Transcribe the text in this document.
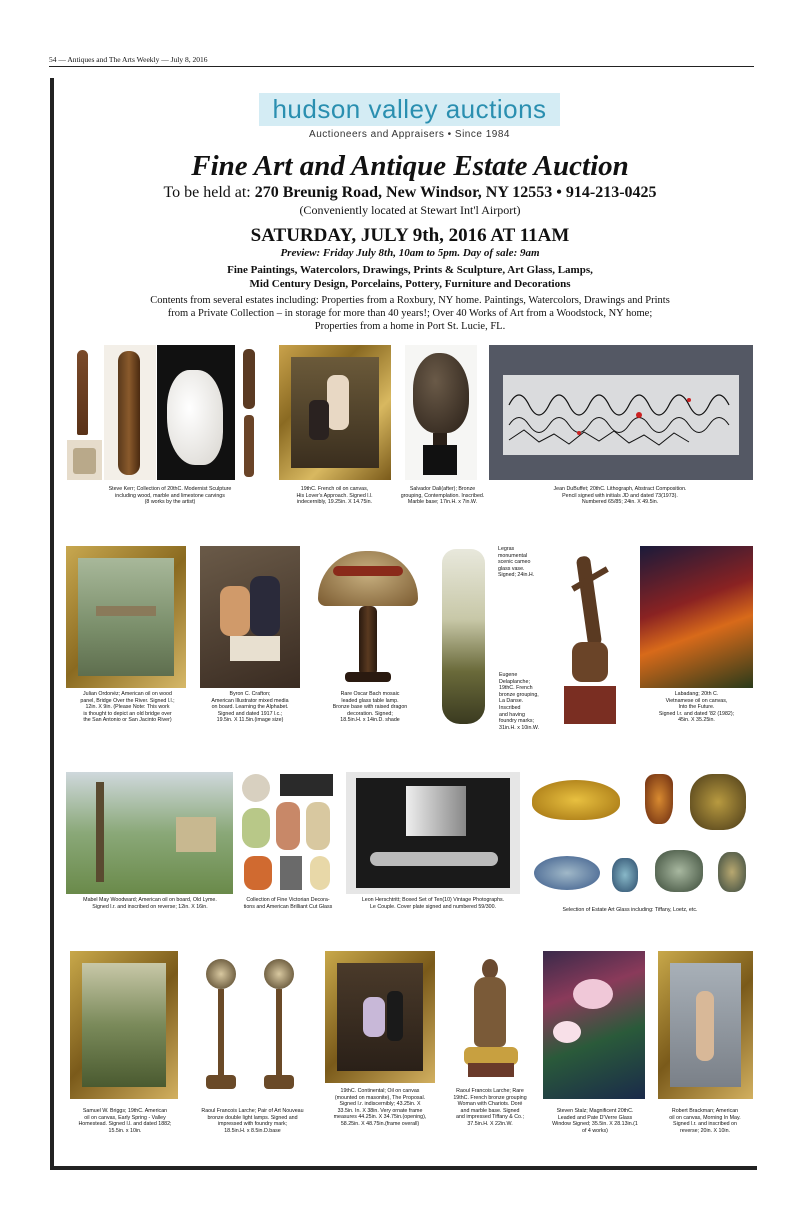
54 — Antiques and The Arts Weekly — July 8, 2016
hudson valley auctions
Auctioneers and Appraisers • Since 1984
Fine Art and Antique Estate Auction
To be held at: 270 Breunig Road, New Windsor, NY 12553 • 914-213-0425
(Conveniently located at Stewart Int'l Airport)
SATURDAY, JULY 9th, 2016 AT 11AM
Preview: Friday July 8th, 10am to 5pm. Day of sale: 9am
Fine Paintings, Watercolors, Drawings, Prints & Sculpture, Art Glass, Lamps,
Mid Century Design, Porcelains, Pottery, Furniture and Decorations
Contents from several estates including: Properties from a Roxbury, NY home. Paintings, Watercolors, Drawings and Prints
from a Private Collection – in storage for more than 40 years!; Over 40 Works of Art from a Woodstock, NY home;
Properties from a home in Port St. Lucie, FL.
Steve Kerr; Collection of 20thC. Modernist Sculpture
including wood, marble and limestone carvings
(8 works by the artist)
19thC. French oil on canvas,
His Lover's Approach. Signed l.l.
indecernibly, 19.25in. X 14.75in.
Salvador Dali(after); Bronze
grouping, Contemplation. Inscribed.
Marble base; 17in.H. x 7in.W.
Jean DuBuffet; 20thC. Lithograph, Abstract Composition.
Pencil signed with initials JD and dated 73(1973).
Numbered 65/85; 24in. X 49.5in.
Julian Ordonéz; American oil on wood
panel, Bridge Over the River. Signed l.l.;
12in. X 9in. (Please Note: This work
is thought to depict an old bridge over
the San Antonio or San Jacinto River)
Byron C. Crafton;
American Illustrator mixed media
on board. Learning the Alphabet.
Signed and dated 1917 l.c.;
19.5in. X 11.5in.(image size)
Rare Oscar Bach mosaic
leaded glass table lamp.
Bronze base with raised dragon
decoration. Signed;
18.5in.H. x 14in.D. shade
Legras
monumental
scenic cameo
glass vase.
Signed; 24in.H.
Eugene
Delaplanche;
19thC. French
bronze grouping,
La Danse.
Inscribed
and having
foundry marks;
31in.H. x 10in.W.
Labadang; 20th C.
Vietnamese oil on canvas,
Into the Future.
Signed l.r. and dated '82 (1982);
45in. X 35.25in.
Mabel May Woodward; American oil on board, Old Lyme.
Signed l.r. and inscribed on reverse; 12in. X 16in.
Collection of Fine Victorian Decora-
tions and American Brilliant Cut Glass
Leon Herschtritt; Boxed Set of Ten(10) Vintage Photographs.
Le Couple. Cover plate signed and numbered 59/300.
Selection of Estate Art Glass including: Tiffany, Loetz, etc.
Samuel W. Briggs; 19thC. American
oil on canvas, Early Spring - Valley
Homestead. Signed l.l. and dated 1882;
15.5in. x 10in.
Raoul Francois Larche; Pair of Art Nouveau
bronze double light lamps. Signed and
impressed with foundry mark;
18.5in.H. x 8.5in.D.base
19thC. Continental; Oil on canvas
(mounted on masonite), The Proposal.
Signed l.r. indiscernibly; 43.25in. X
33.5in. In. X 38in. Very ornate frame
measures 44.25in. X 34.75in.(opening),
58.25in. X 48.75in.(frame overall)
Raoul Francois Larche; Rare
19thC. French bronze grouping
Woman with Chariots. Doré
and marble base. Signed
and impressed Tiffany & Co.;
37.5in.H. X 22in.W.
Steven Stalz; Magnificent 20thC.
Leaded and Pate D'Verre Glass
Window Signed; 35.5in. X 28.13in.(1
of 4 works)
Robert Brackman; American
oil on canvas, Morning In May.
Signed l.r. and inscribed on
reverse; 20in. X 10in.
